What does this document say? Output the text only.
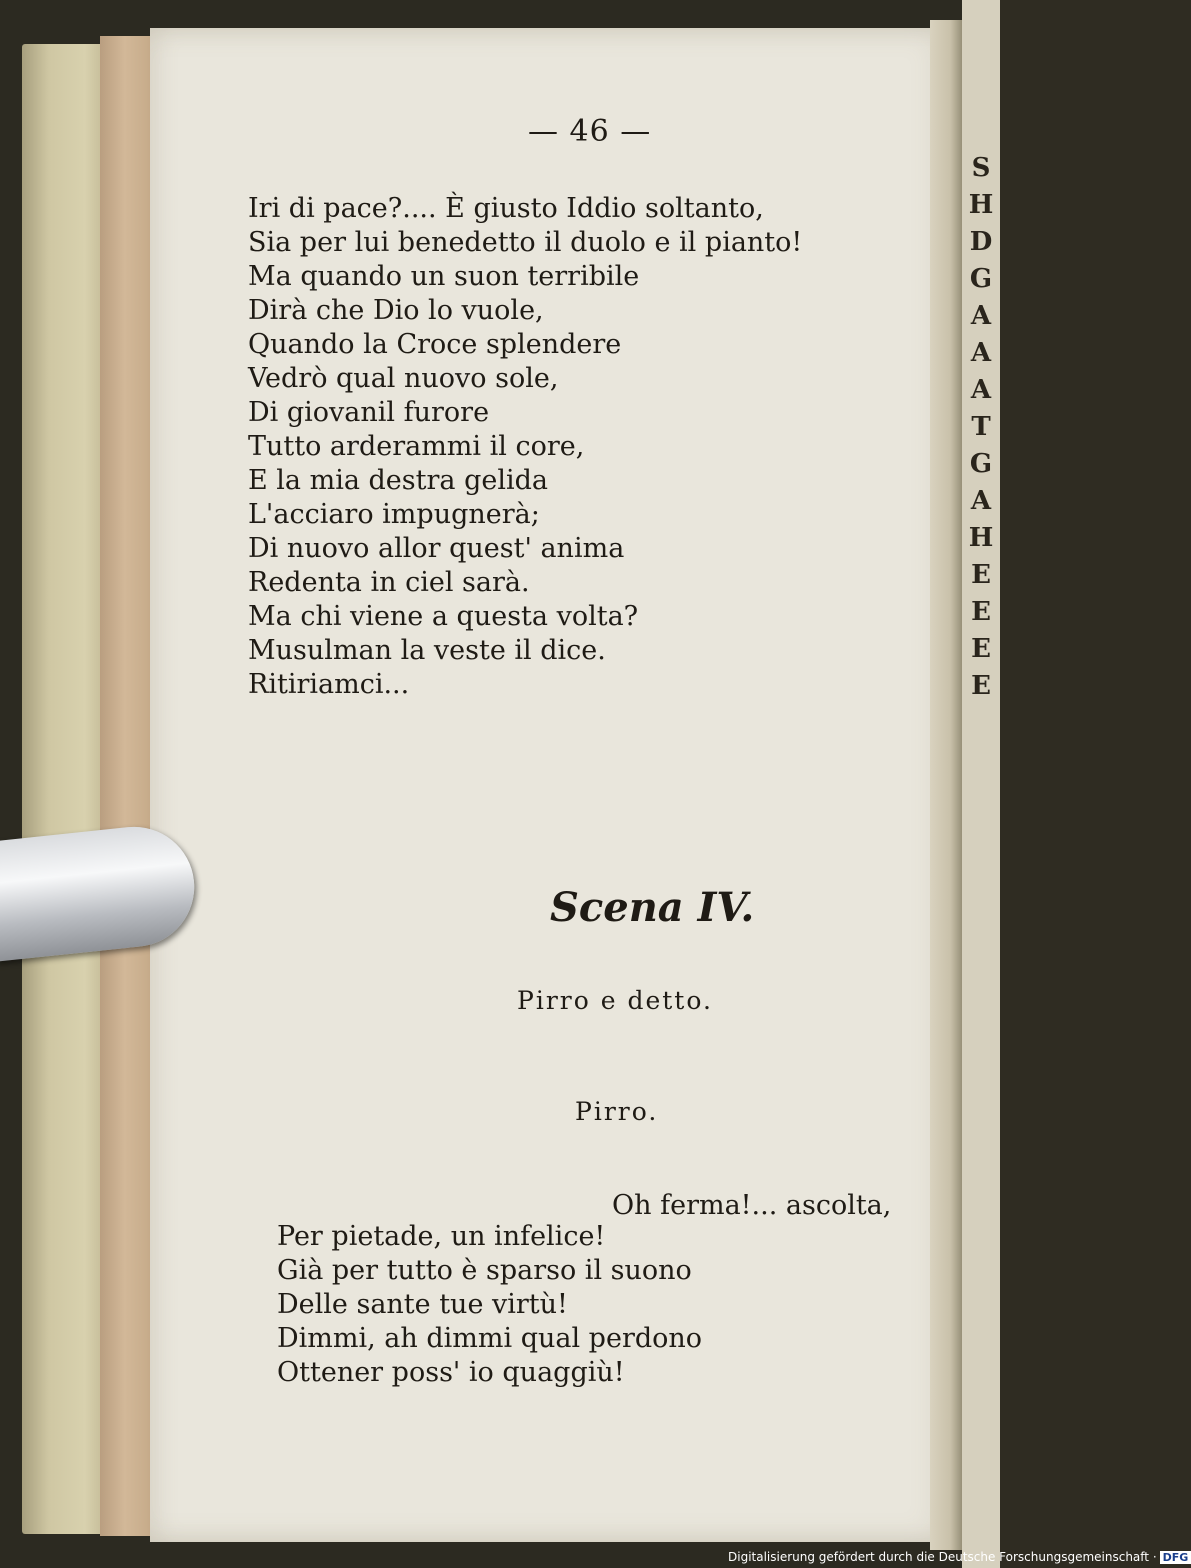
S
H
D
G
A
A
A
T
G
A
H
E
E
E
E
— 46 —
Iri di pace?.... È giusto Iddio soltanto,
Sia per lui benedetto il duolo e il pianto!
Ma quando un suon terribile
Dirà che Dio lo vuole,
Quando la Croce splendere
Vedrò qual nuovo sole,
Di giovanil furore
Tutto arderammi il core,
E la mia destra gelida
L'acciaro impugnerà;
Di nuovo allor quest' anima
Redenta in ciel sarà.
Ma chi viene a questa volta?
Musulman la veste il dice.
Ritiriamci...
Scena IV.
Pirro e detto.
Pirro.
Oh ferma!... ascolta,
Per pietade, un infelice!
Già per tutto è sparso il suono
Delle sante tue virtù!
Dimmi, ah dimmi qual perdono
Ottener poss' io quaggiù!
Digitalisierung gefördert durch die Deutsche Forschungsgemeinschaft · DFG
